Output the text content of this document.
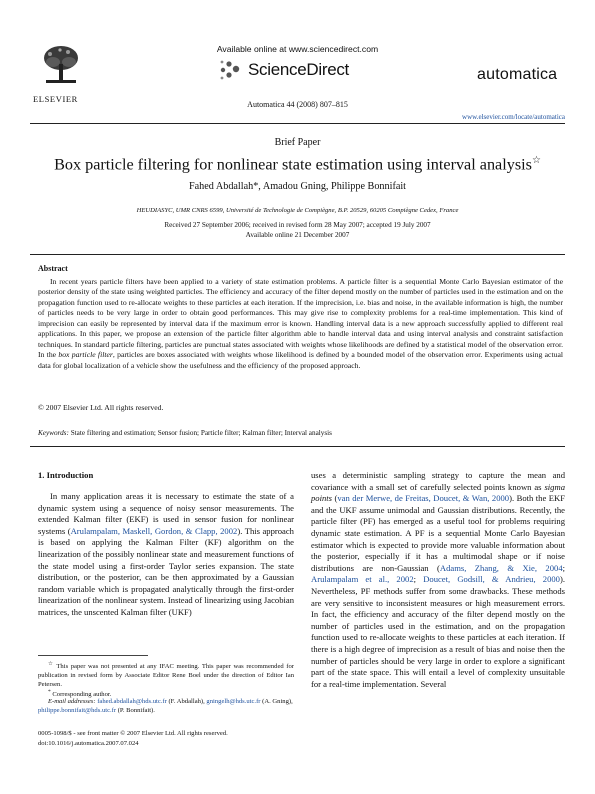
ELSEVIER
Available online at www.sciencedirect.com
ScienceDirect	automatica
Automatica 44 (2008) 807–815
www.elsevier.com/locate/automatica
Brief Paper
Box particle filtering for nonlinear state estimation using interval analysis☆
Fahed Abdallah*, Amadou Gning, Philippe Bonnifait
HEUDIASYC, UMR CNRS 6599, Université de Technologie de Compiègne, B.P. 20529, 60205 Compiègne Cedex, France
Received 27 September 2006; received in revised form 28 May 2007; accepted 19 July 2007
Available online 21 December 2007
Abstract
In recent years particle filters have been applied to a variety of state estimation problems. A particle filter is a sequential Monte Carlo Bayesian estimator of the posterior density of the state using weighted particles. The efficiency and accuracy of the filter depend mostly on the number of particles used in the estimation and on the propagation function used to re-allocate weights to these particles at each iteration. If the imprecision, i.e. bias and noise, in the available information is high, the number of particles needs to be very large in order to obtain good performances. This may give rise to complexity problems for a real-time implementation. This kind of imprecision can easily be represented by interval data if the maximum error is known. Handling interval data is a new approach successfully applied to different real applications. In this paper, we propose an extension of the particle filter algorithm able to handle interval data and using interval analysis and constraint satisfaction techniques. In standard particle filtering, particles are punctual states associated with weights whose likelihoods are defined by a statistical model of the observation error. In the box particle filter, particles are boxes associated with weights whose likelihood is defined by a bounded model of the observation error. Experiments using actual data for global localization of a vehicle show the usefulness and the efficiency of the proposed approach.
© 2007 Elsevier Ltd. All rights reserved.
Keywords: State filtering and estimation; Sensor fusion; Particle filter; Kalman filter; Interval analysis
1. Introduction
In many application areas it is necessary to estimate the state of a dynamic system using a sequence of noisy sensor measurements. The extended Kalman filter (EKF) is used in sensor fusion for nonlinear systems (Arulampalam, Maskell, Gordon, & Clapp, 2002). This approach is based on applying the Kalman Filter (KF) algorithm on the linearization of the possibly nonlinear state and measurement functions of the state model using a first-order Taylor series expansion. The state distribution, or the posterior, can be then approximated by a Gaussian random variable which is propagated analytically through the first-order linearization of the nonlinear system. Instead of linearizing using Jacobian matrices, the unscented Kalman filter (UKF)
☆ This paper was not presented at any IFAC meeting. This paper was recommended for publication in revised form by Associate Editor Rene Boel under the direction of Editor Ian Petersen.
* Corresponding author.
E-mail addresses: fahed.abdallah@hds.utc.fr (F. Abdallah), gningelh@hds.utc.fr (A. Gning), philippe.bonnifait@hds.utc.fr (P. Bonnifait).
0005-1098/$ - see front matter © 2007 Elsevier Ltd. All rights reserved.
doi:10.1016/j.automatica.2007.07.024
uses a deterministic sampling strategy to capture the mean and covariance with a small set of carefully selected points known as sigma points (van der Merwe, de Freitas, Doucet, & Wan, 2000). Both the EKF and the UKF assume unimodal and Gaussian distributions. Recently, the particle filter (PF) has emerged as a useful tool for problems requiring dynamic state estimation. A PF is a sequential Monte Carlo Bayesian estimator which is expected to provide more valuable information about the posterior, especially if it has a multimodal shape or if noise distributions are non-Gaussian (Adams, Zhang, & Xie, 2004; Arulampalam et al., 2002; Doucet, Godsill, & Andrieu, 2000). Nevertheless, PF methods suffer from some drawbacks. These methods are very sensitive to inconsistent measures or high measurement errors. In fact, the efficiency and accuracy of the filter depend mostly on the number of particles used in the estimation, and on the propagation function used to re-allocate weights to these particles at each iteration. If there is a high degree of imprecision as a result of bias and noise then the number of particles should be very large in order to explore a significant part of the state space. This will entail a level of complexity unsuitable for a real-time implementation. Several
